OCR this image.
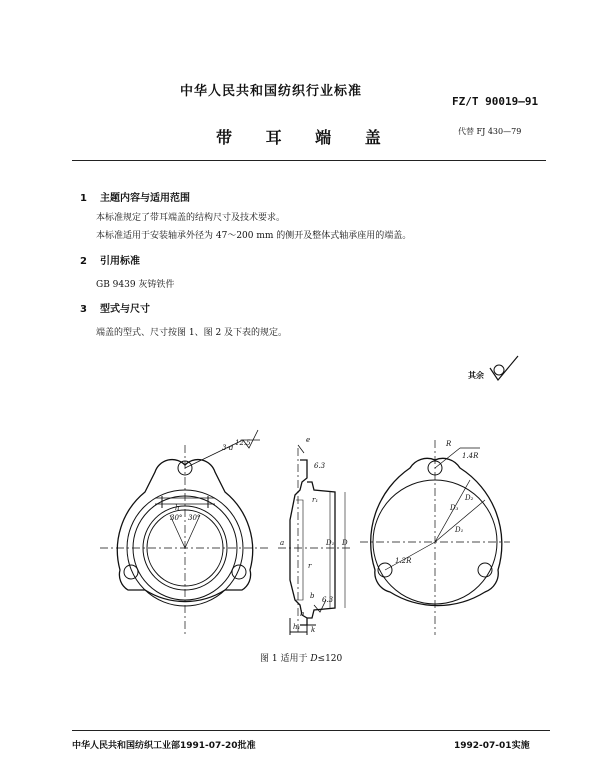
中华人民共和国纺织行业标准
FZ/T 90019—91
带 耳 端 盖	代替 FJ 430—79
1 主题内容与适用范围
本标准规定了带耳端盖的结构尺寸及技术要求。
本标准适用于安装轴承外径为 47～200 mm 的侧开及整体式轴承座用的端盖。
2 引用标准
GB 9439 灰铸铁件
3 型式与尺寸
端盖的型式、尺寸按图 1、图 2 及下表的规定。
其余
3-d
12.5
30° 30°
h
e
a
r₁
r
D₁ D
b
6.3
6.3
h
h₁ k
R
1.4R
D₃
D₂
D₁
1.2R
图 1 适用于 D≤120
中华人民共和国纺织工业部1991-07-20批准	1992-07-01实施
